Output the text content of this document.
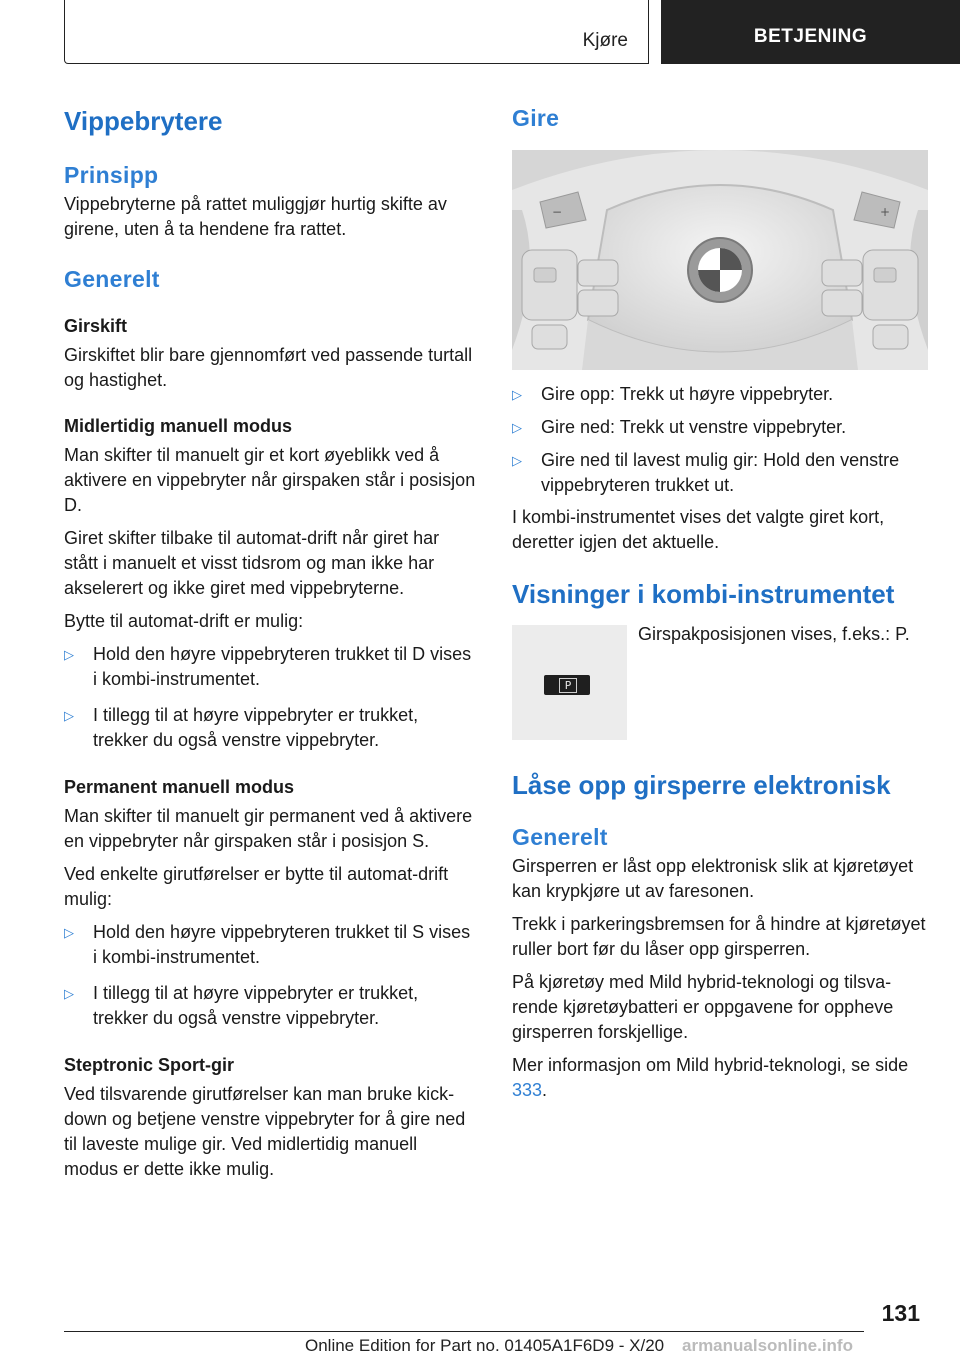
Kjøre	BETJENING
Vippebrytere
Prinsipp

Vippebryterne på rattet muliggjør hurtig skifte av girene, uten å ta hendene fra rattet.

Generelt
Girskift

Girskiftet blir bare gjennomført ved passende turtall og hastighet.

Midlertidig manuell modus

Man skifter til manuelt gir et kort øyeblikk ved å aktivere en vippebryter når girspaken står i posisjon D.

Giret skifter tilbake til automat-drift når giret har stått i manuelt et visst tidsrom og man ikke har akselerert og ikke giret med vippebryterne.

Bytte til automat-drift er mulig:

▷ Hold den høyre vippebryteren trukket til D vises i kombi-instrumentet.
▷ I tillegg til at høyre vippebryter er trukket, trekker du også venstre vippebryter.
Permanent manuell modus

Man skifter til manuelt gir permanent ved å aktivere en vippebryter når girspaken står i posisjon S.

Ved enkelte girutførelser er bytte til automat-drift mulig:

▷ Hold den høyre vippebryteren trukket til S vises i kombi-instrumentet.
▷ I tillegg til at høyre vippebryter er trukket, trekker du også venstre vippebryter.
Steptronic Sport-gir

Ved tilsvarende girutførelser kan man bruke kickdown og betjene venstre vippebryter for å gire ned til laveste mulige gir. Ved midlertidig manuell modus er dette ikke mulig.

Gire
−	+
▷ Gire opp: Trekk ut høyre vippebryter.
▷ Gire ned: Trekk ut venstre vippebryter.
▷ Gire ned til lavest mulig gir: Hold den venstre vippebryteren trukket ut.

I kombi-instrumentet vises det valgte giret kort, deretter igjen det aktuelle.

Visninger i kombi-instrumentet
P

Girspakposisjonen vises, f.eks.: P.

Låse opp girsperre elektronisk
Generelt

Girsperren er låst opp elektronisk slik at kjøretøyet kan krypkjøre ut av faresonen.

Trekk i parkeringsbremsen for å hindre at kjøretøyet ruller bort før du låser opp girsperren.

På kjøretøy med Mild hybrid-teknologi og tilsvarende kjøretøybatteri er oppgavene for oppheve girsperren forskjellige.

Mer informasjon om Mild hybrid-teknologi, se side 333.

131
Online Edition for Part no. 01405A1F6D9 - X/20 armanualsonline.info
